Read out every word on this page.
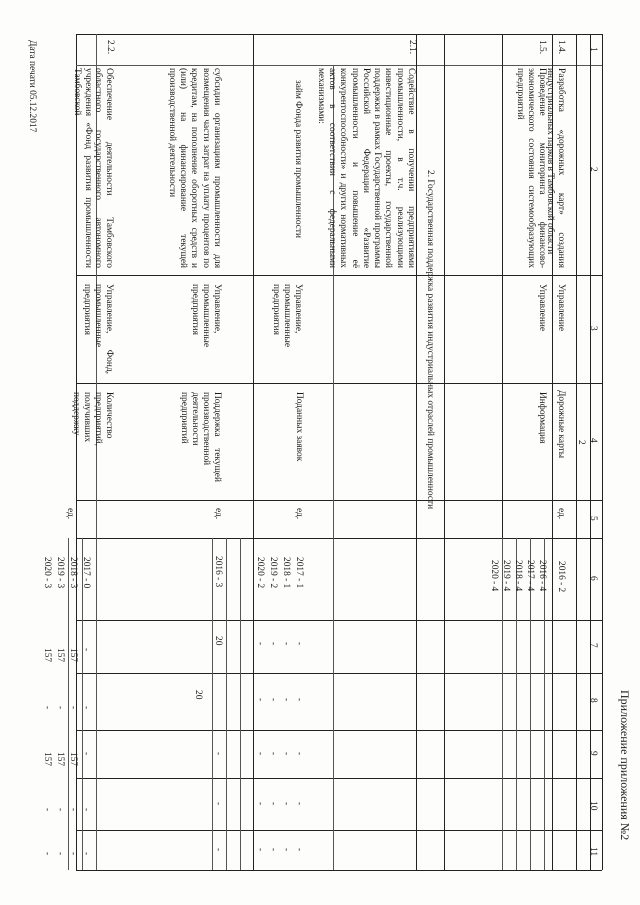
1
2
3
4
5
6
7
8
9
10
11
2
Приложение приложения №2
1.4.
Разработка «дорожных карт» создания индустриальных парков в Тамбовской области
Управление
Дорожные карты
ед.
2016 - 2
1.5.
Проведение мониторинга финансово-экономического состояния системообразующих предприятий
Управление
Информация
2016 - 4
2017 - 4
2018 - 4
2019 - 4
2020 - 4
2. Государственная поддержка развития индустриальных отраслей промышленности
2.1.
Содействие в получении предприятиями промышленности, в т.ч. реализующими инвестиционные проекты, государственной поддержки в рамках Государственной программы Российской Федерации «Развитие промышленности и повышение её конкурентоспособности» и других нормативных актов в соответствии с федеральными механизмами:
займ Фонда развития промышленности
Управление, промышленные предприятия
Поданных заявок
ед.
2017 - 1
-
-
-
-
-
2018 - 1
-
-
-
-
-
2019 - 2
-
-
-
-
-
2020 - 2
-
-
-
-
-
субсидии организациям промышленности для возмещения части затрат на уплату процентов по кредитам, на пополнение оборотных средств и (или) на финансирование текущей производственной деятельности
Управление, промышленные предприятия
Поддержка текущей производственной деятельности предприятий
ед.
2016 - 3
20
20
-
-
-
2.2.
Обеспечение деятельности Тамбовского областного государственного автономного учреждения «Фонд развития промышленности Тамбовской
Управление, Фонд, промышленные предприятия
Количество предприятий, получивших поддержку
ед.
2017 - 0
-
-
-
-
-
2018 - 3
157
-
157
-
-
2019 - 3
157
-
157
-
-
2020 - 3
157
-
157
-
-
Дата печати 05.12.2017
